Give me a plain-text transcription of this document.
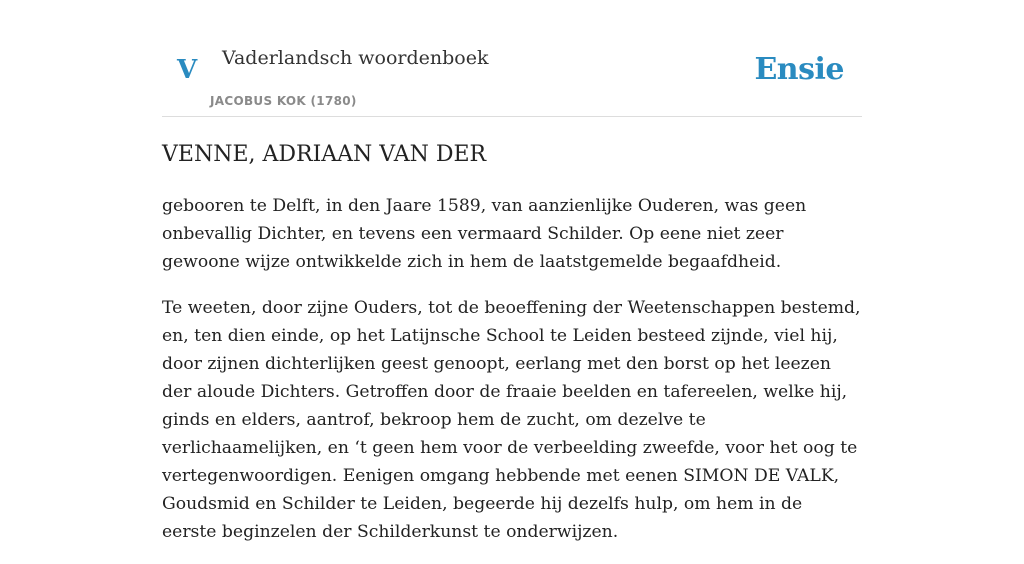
V Vaderlandsch woordenboek
JACOBUS KOK (1780)
Ensie
VENNE, ADRIAAN VAN DER

gebooren te Delft, in den Jaare 1589, van aanzienlijke Ouderen, was geen onbevallig Dichter, en tevens een vermaard Schilder. Op eene niet zeer gewoone wijze ontwikkelde zich in hem de laatstgemelde begaafdheid.

Te weeten, door zijne Ouders, tot de beoeffening der Weetenschappen bestemd, en, ten dien einde, op het Latijnsche School te Leiden besteed zijnde, viel hij, door zijnen dichterlijken geest genoopt, eerlang met den borst op het leezen der aloude Dichters. Getroffen door de fraaie beelden en tafereelen, welke hij, ginds en elders, aantrof, bekroop hem de zucht, om dezelve te verlichaamelijken, en ‘t geen hem voor de verbeelding zweefde, voor het oog te vertegenwoordigen. Eenigen omgang hebbende met eenen SIMON DE VALK, Goudsmid en Schilder te Leiden, begeerde hij dezelfs hulp, om hem in de eerste beginzelen der Schilderkunst te onderwijzen.
